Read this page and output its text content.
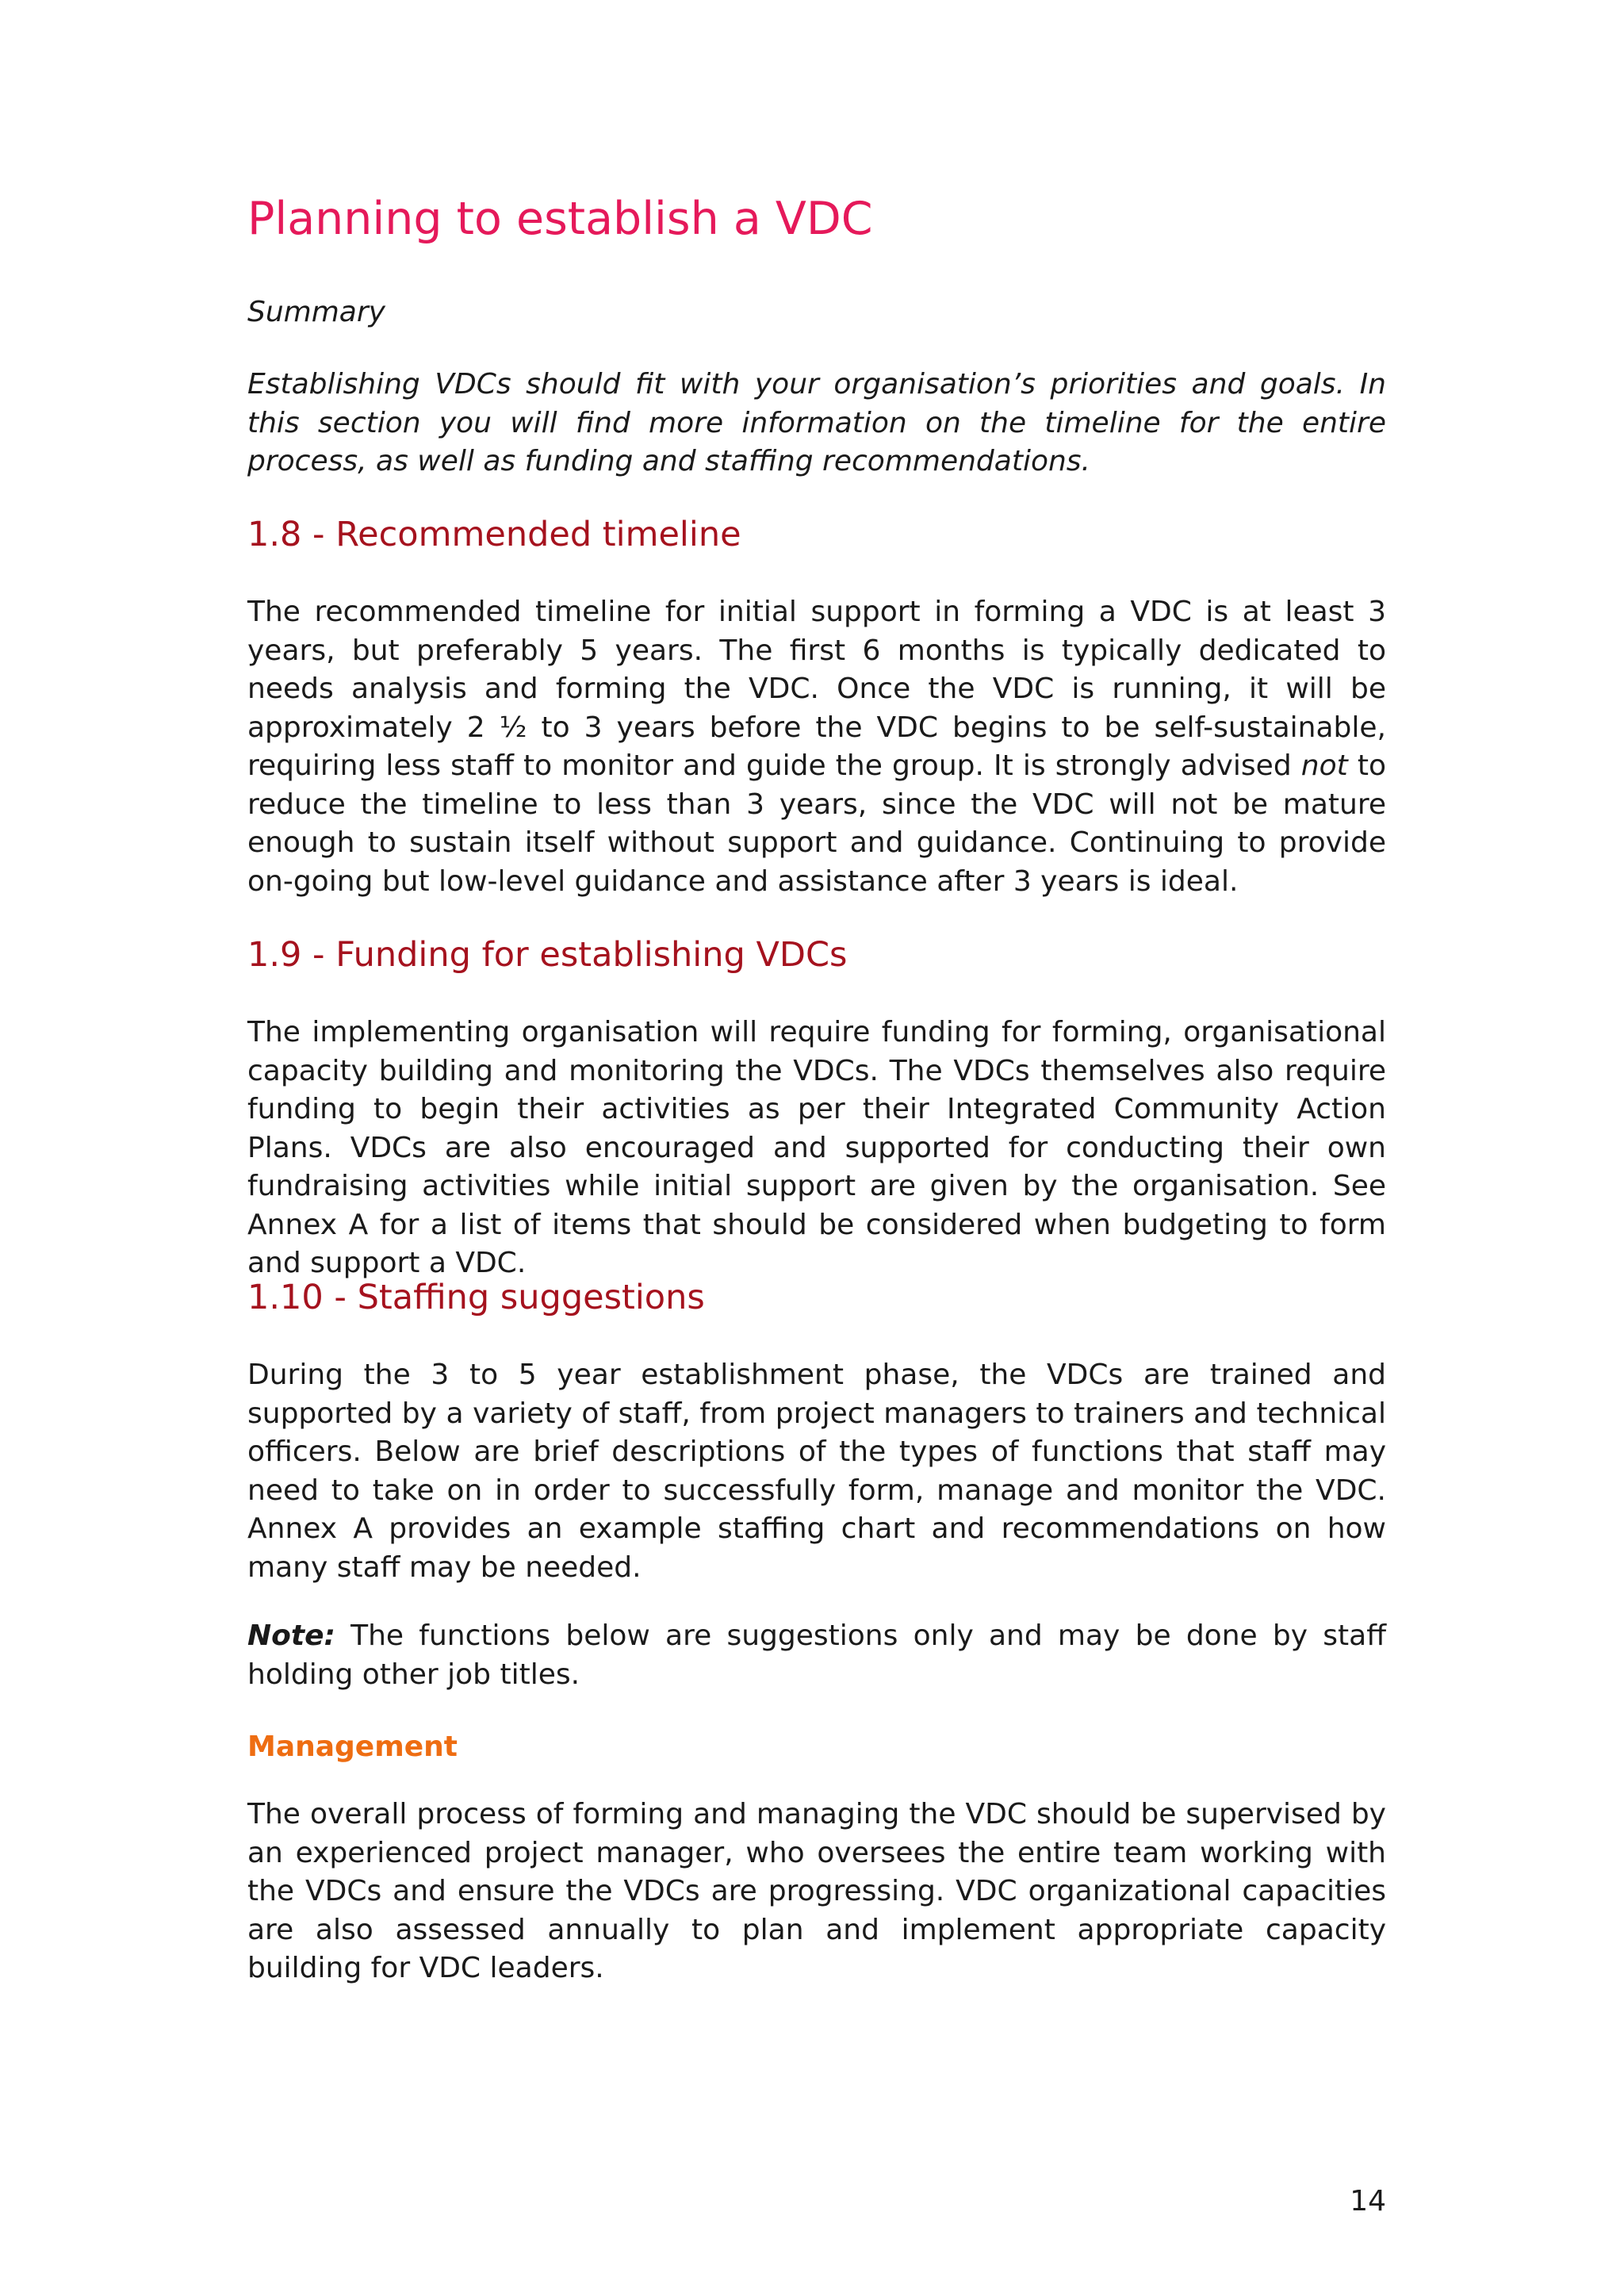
Planning to establish a VDC

Summary

Establishing VDCs should fit with your organisation’s priorities and goals. In this section you will find more information on the timeline for the entire process, as well as funding and staffing recommendations.

1.8 - Recommended timeline

The recommended timeline for initial support in forming a VDC is at least 3 years, but preferably 5 years. The first 6 months is typically dedicated to needs analysis and forming the VDC. Once the VDC is running, it will be approximately 2 ½ to 3 years before the VDC begins to be self-sustainable, requiring less staff to monitor and guide the group. It is strongly advised not to reduce the timeline to less than 3 years, since the VDC will not be mature enough to sustain itself without support and guidance. Continuing to provide on-going but low-level guidance and assistance after 3 years is ideal.

1.9 - Funding for establishing VDCs

The implementing organisation will require funding for forming, organisational capacity building and monitoring the VDCs. The VDCs themselves also require funding to begin their activities as per their Integrated Community Action Plans. VDCs are also encouraged and supported for conducting their own fundraising activities while initial support are given by the organisation. See Annex A for a list of items that should be considered when budgeting to form and support a VDC.

1.10 - Staffing suggestions

During the 3 to 5 year establishment phase, the VDCs are trained and supported by a variety of staff, from project managers to trainers and technical officers. Below are brief descriptions of the types of functions that staff may need to take on in order to successfully form, manage and monitor the VDC. Annex A provides an example staffing chart and recommendations on how many staff may be needed.

Note: The functions below are suggestions only and may be done by staff holding other job titles.

Management

The overall process of forming and managing the VDC should be supervised by an experienced project manager, who oversees the entire team working with the VDCs and ensure the VDCs are progressing. VDC organizational capacities are also assessed annually to plan and implement appropriate capacity building for VDC leaders.

14
